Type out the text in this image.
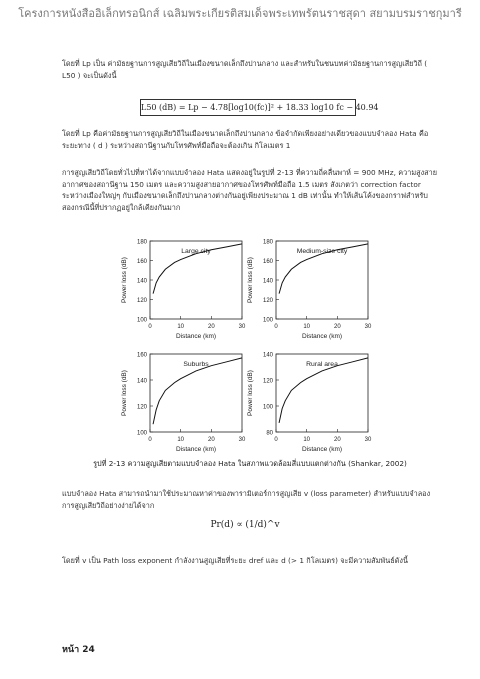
โครงการหนังสืออิเล็กทรอนิกส์ เฉลิมพระเกียรติสมเด็จพระเทพรัตนราชสุดา สยามบรมราชกุมารี
โดยที่ Lp เป็น ค่ามัธยฐานการสูญเสียวิถีในเมืองขนาดเล็กถึงปานกลาง และสำหรับในชนบทค่ามัธยฐานการสูญเสียวิถี ( L50 ) จะเป็นดังนี้
L50 (dB) = Lp − 4.78[log10(fc)]² + 18.33 log10 fc − 40.94
โดยที่ Lp คือค่ามัธยฐานการสูญเสียวิถีในเมืองขนาดเล็กถึงปานกลาง ข้อจำกัดเพียงอย่างเดียวของแบบจำลอง Hata คือระยะทาง ( d ) ระหว่างสถานีฐานกับโทรศัพท์มือถือจะต้องเกิน กิโลเมตร 1
การสูญเสียวิถีโดยทั่วไปที่หาได้จากแบบจำลอง Hata แสดงอยู่ในรูปที่ 2-13 ที่ความถี่คลื่นพาห์ = 900 MHz, ความสูงสายอากาศของสถานีฐาน 150 เมตร และความสูงสายอากาศของโทรศัพท์มือถือ 1.5 เมตร สังเกตว่า correction factor ระหว่างเมืองใหญ่ๆ กับเมืองขนาดเล็กถึงปานกลางต่างกันอยู่เพียงประมาณ 1 dB เท่านั้น ทำให้เส้นโค้งของกราฟสำหรับสองกรณีนี้ที่ปรากฏอยู่ใกล้เคียงกันมาก
100
120
140
160
180
0	10	20	30
Distance (km)
Power loss (dB)
Large city
100
120
140
160
180
0	10	20	30
Distance (km)
Power loss (dB)
Medium-size city
100
120
140
160
0	10	20	30
Distance (km)
Power loss (dB)
Suburbs
80
100
120
140
0	10	20	30
Distance (km)
Power loss (dB)
Rural area
รูปที่ 2-13 ความสูญเสียตามแบบจำลอง Hata ในสภาพแวดล้อมสี่แบบแตกต่างกัน (Shankar, 2002)
แบบจำลอง Hata สามารถนำมาใช้ประมาณหาค่าของพารามิเตอร์การสูญเสีย v (loss parameter) สำหรับแบบจำลองการสูญเสียวิถีอย่างง่ายได้จาก
Pr(d) ∝ (1/d)^v
โดยที่ v เป็น Path loss exponent กำลังงานสูญเสียที่ระยะ dref และ d (> 1 กิโลเมตร) จะมีความสัมพันธ์ดังนี้
หน้า 24
